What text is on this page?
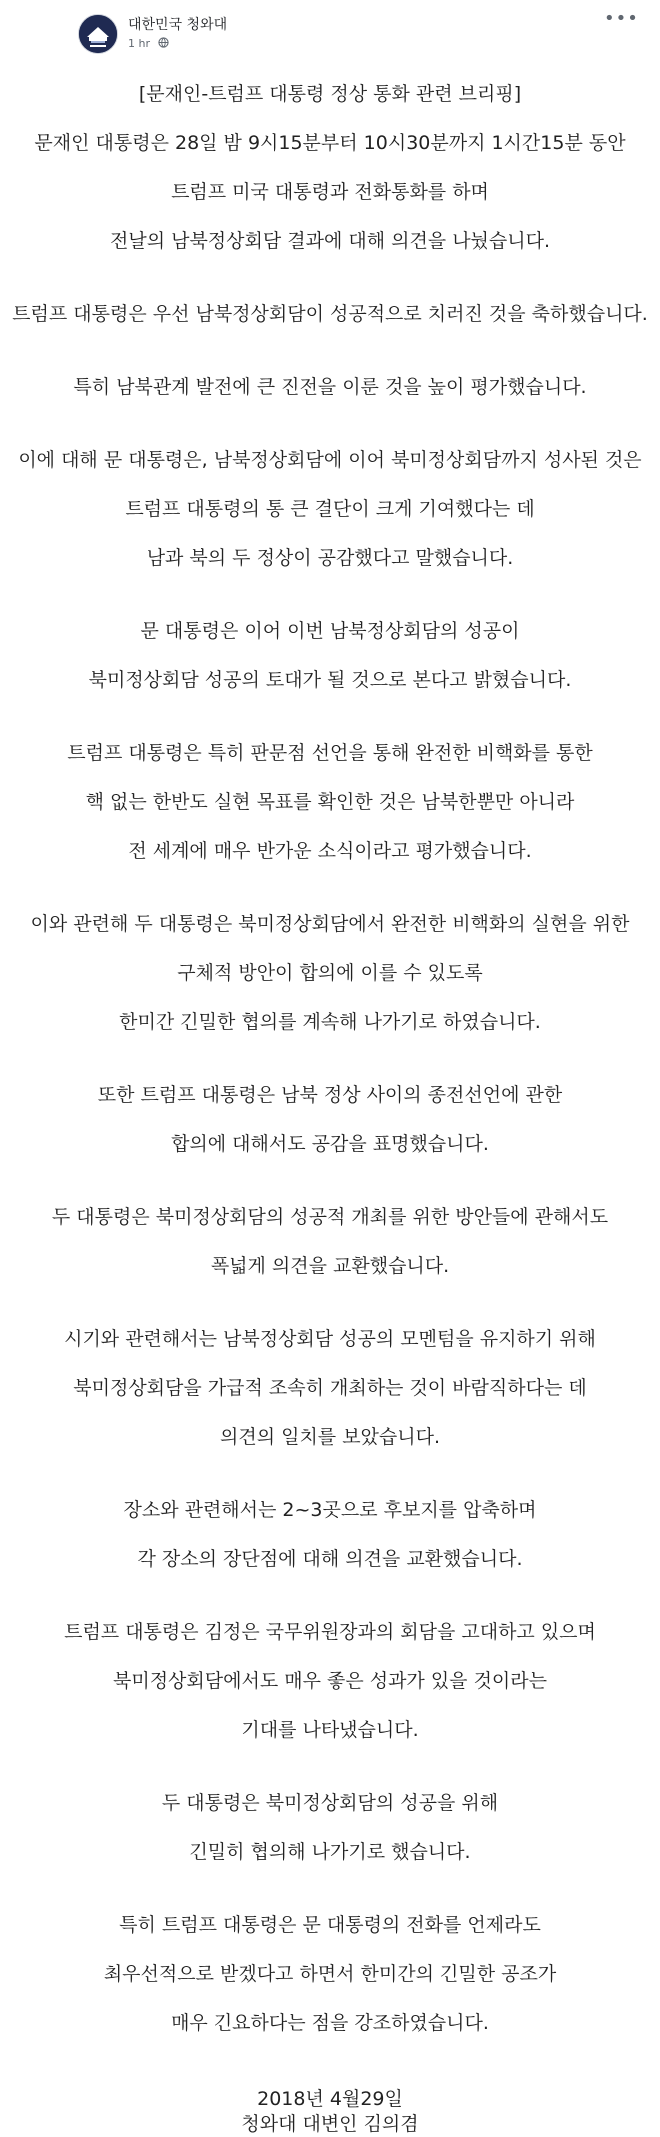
대한민국 청와대
1 hr
•••
[문재인-트럼프 대통령 정상 통화 관련 브리핑]
문재인 대통령은 28일 밤 9시15분부터 10시30분까지 1시간15분 동안
트럼프 미국 대통령과 전화통화를 하며
전날의 남북정상회담 결과에 대해 의견을 나눴습니다.
트럼프 대통령은 우선 남북정상회담이 성공적으로 치러진 것을 축하했습니다.
특히 남북관계 발전에 큰 진전을 이룬 것을 높이 평가했습니다.
이에 대해 문 대통령은, 남북정상회담에 이어 북미정상회담까지 성사된 것은
트럼프 대통령의 통 큰 결단이 크게 기여했다는 데
남과 북의 두 정상이 공감했다고 말했습니다.
문 대통령은 이어 이번 남북정상회담의 성공이
북미정상회담 성공의 토대가 될 것으로 본다고 밝혔습니다.
트럼프 대통령은 특히 판문점 선언을 통해 완전한 비핵화를 통한
핵 없는 한반도 실현 목표를 확인한 것은 남북한뿐만 아니라
전 세계에 매우 반가운 소식이라고 평가했습니다.
이와 관련해 두 대통령은 북미정상회담에서 완전한 비핵화의 실현을 위한
구체적 방안이 합의에 이를 수 있도록
한미간 긴밀한 협의를 계속해 나가기로 하였습니다.
또한 트럼프 대통령은 남북 정상 사이의 종전선언에 관한
합의에 대해서도 공감을 표명했습니다.
두 대통령은 북미정상회담의 성공적 개최를 위한 방안들에 관해서도
폭넓게 의견을 교환했습니다.
시기와 관련해서는 남북정상회담 성공의 모멘텀을 유지하기 위해
북미정상회담을 가급적 조속히 개최하는 것이 바람직하다는 데
의견의 일치를 보았습니다.
장소와 관련해서는 2~3곳으로 후보지를 압축하며
각 장소의 장단점에 대해 의견을 교환했습니다.
트럼프 대통령은 김정은 국무위원장과의 회담을 고대하고 있으며
북미정상회담에서도 매우 좋은 성과가 있을 것이라는
기대를 나타냈습니다.
두 대통령은 북미정상회담의 성공을 위해
긴밀히 협의해 나가기로 했습니다.
특히 트럼프 대통령은 문 대통령의 전화를 언제라도
최우선적으로 받겠다고 하면서 한미간의 긴밀한 공조가
매우 긴요하다는 점을 강조하였습니다.
2018년 4월29일
청와대 대변인 김의겸
